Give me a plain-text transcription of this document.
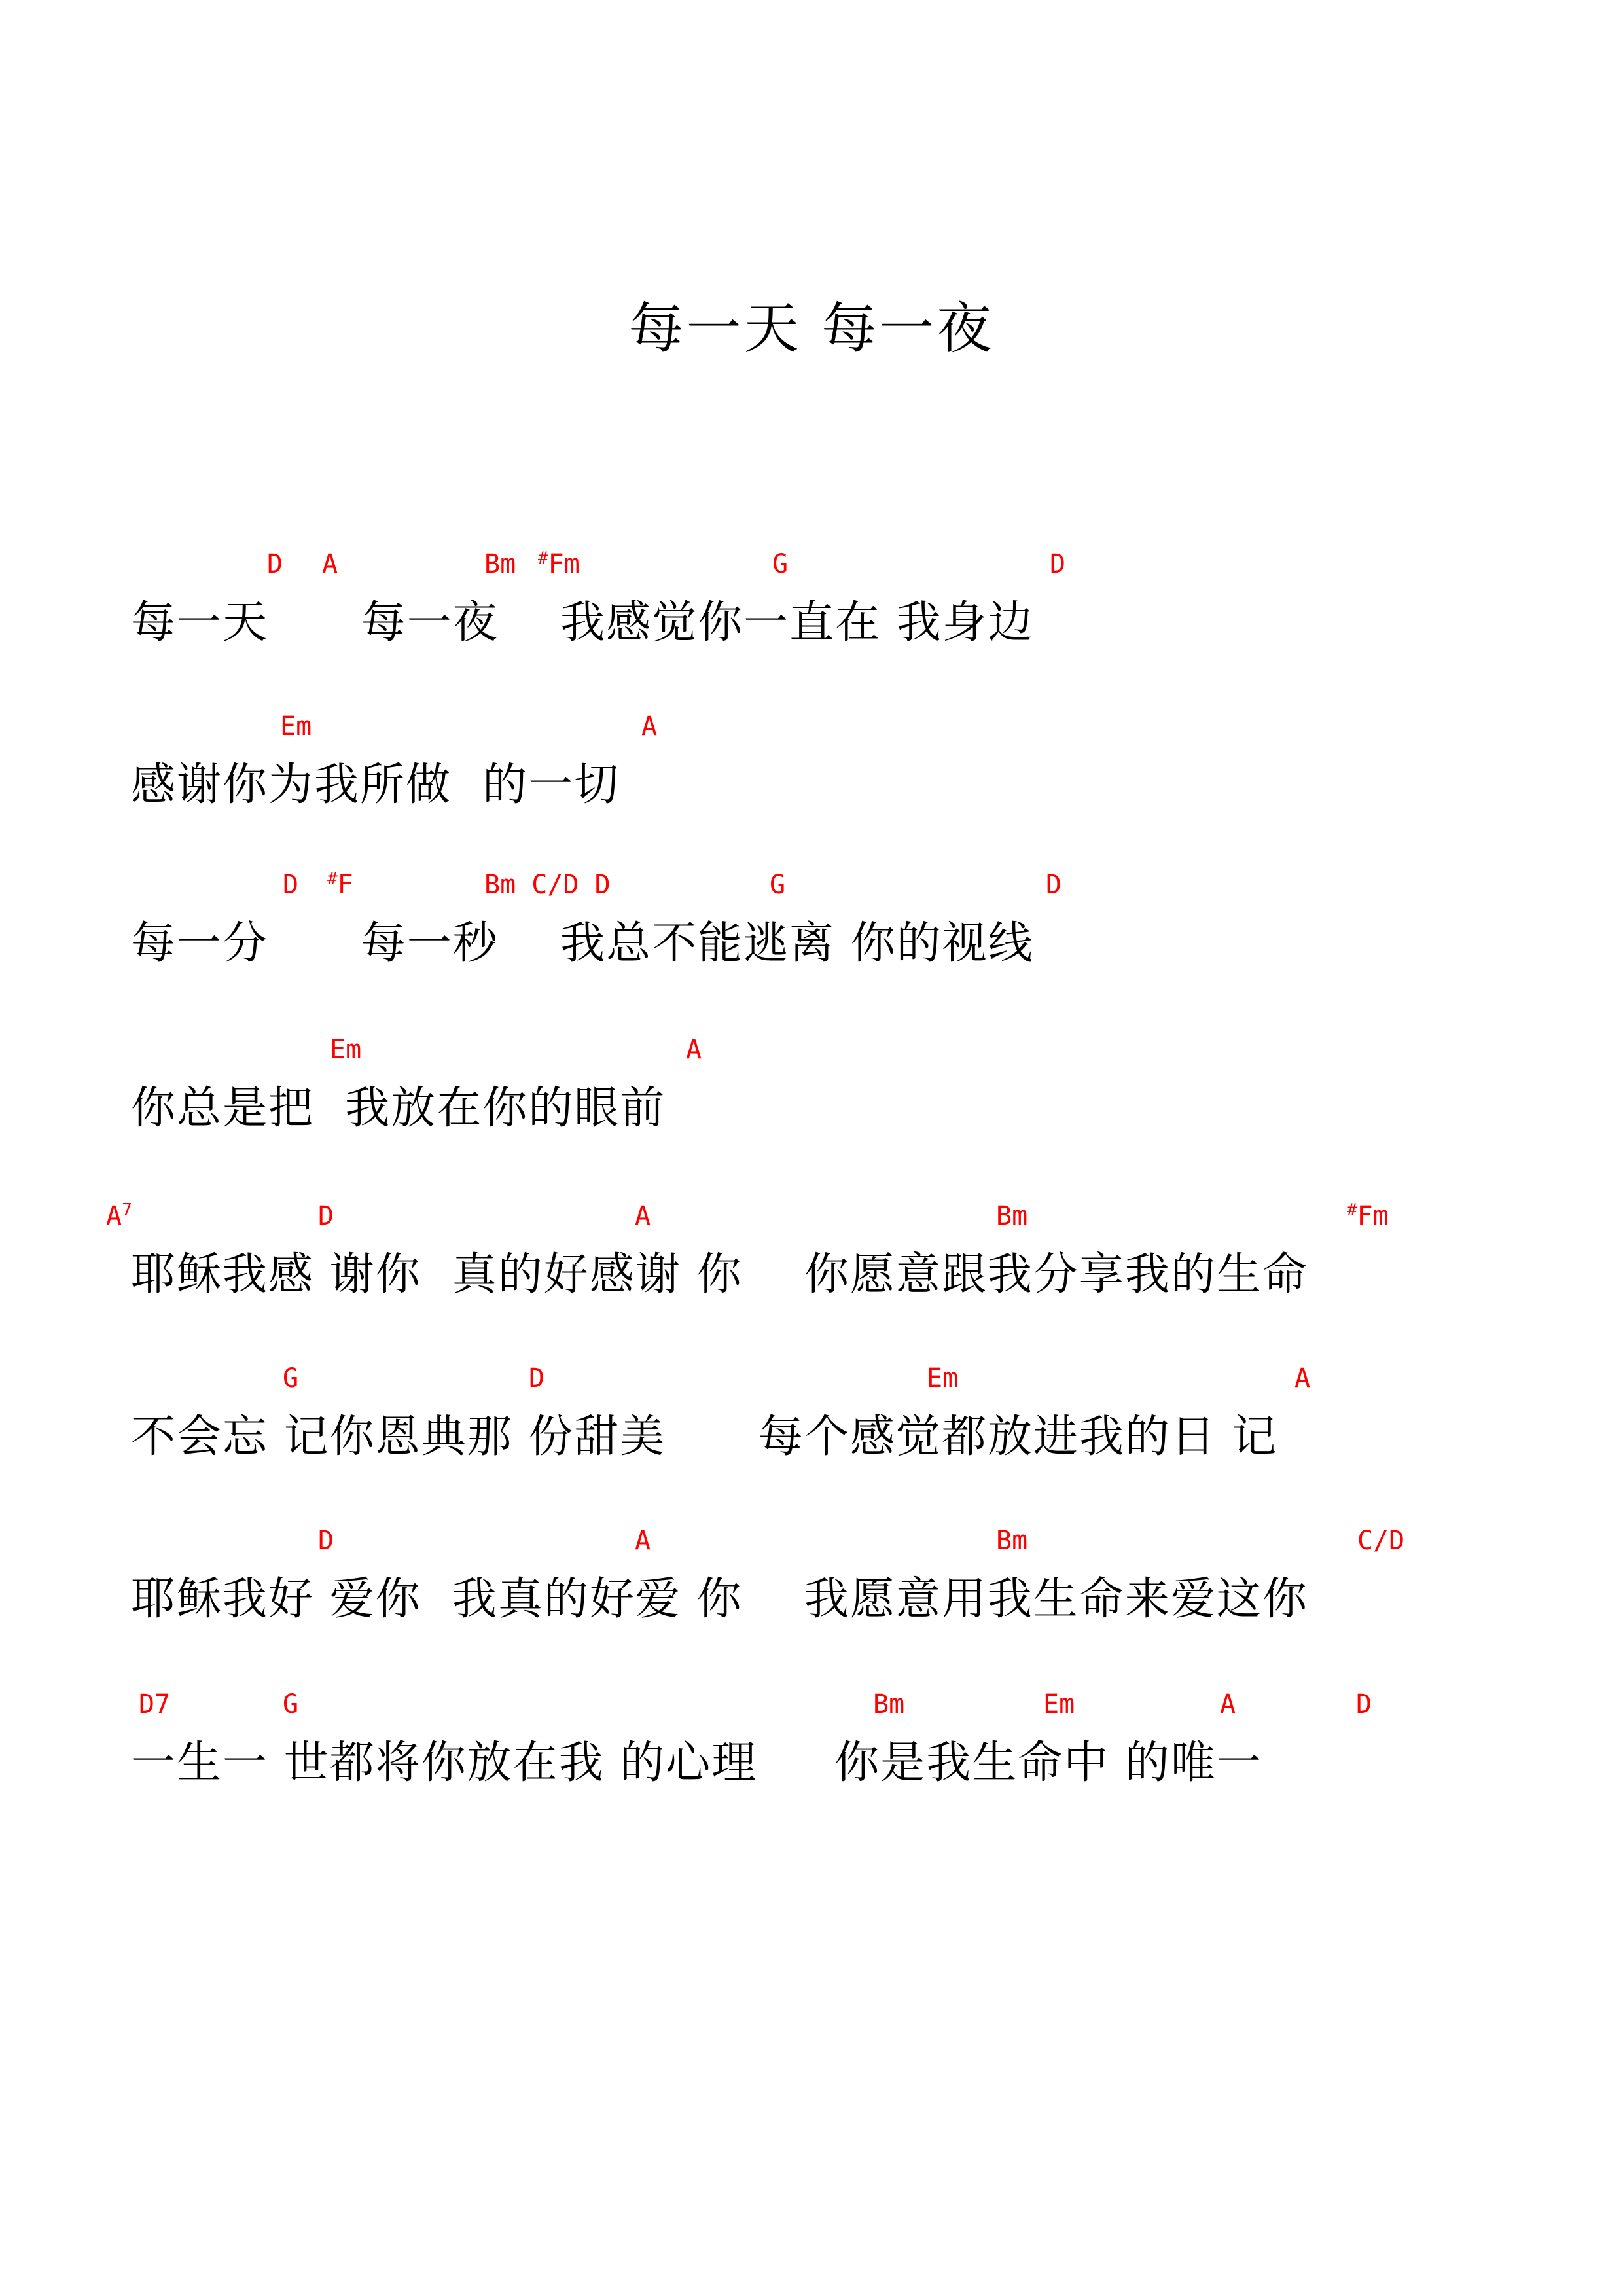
每一天 每一夜
D A	Bm #Fm	G	D
每一天      每一夜    我感觉你一直在 我身边
Em	A
感谢你为我所做  的一切
D #F	Bm C/D D	G	D
每一分      每一秒    我总不能逃离 你的视线
Em	A
你总是把  我放在你的眼前
$A^7$	D	A	Bm	#Fm
耶稣我感 谢你  真的好感谢 你    你愿意跟我分享我的生命
G	D	Em	A
不会忘 记你恩典那 份甜美      每个感觉都放进我的日 记
D	A	Bm	C/D
耶稣我好 爱你  我真的好爱 你    我愿意用我生命来爱这你
D7	G	Bm	Em	A	D
一生一 世都将你放在我 的心理     你是我生命中 的唯一
